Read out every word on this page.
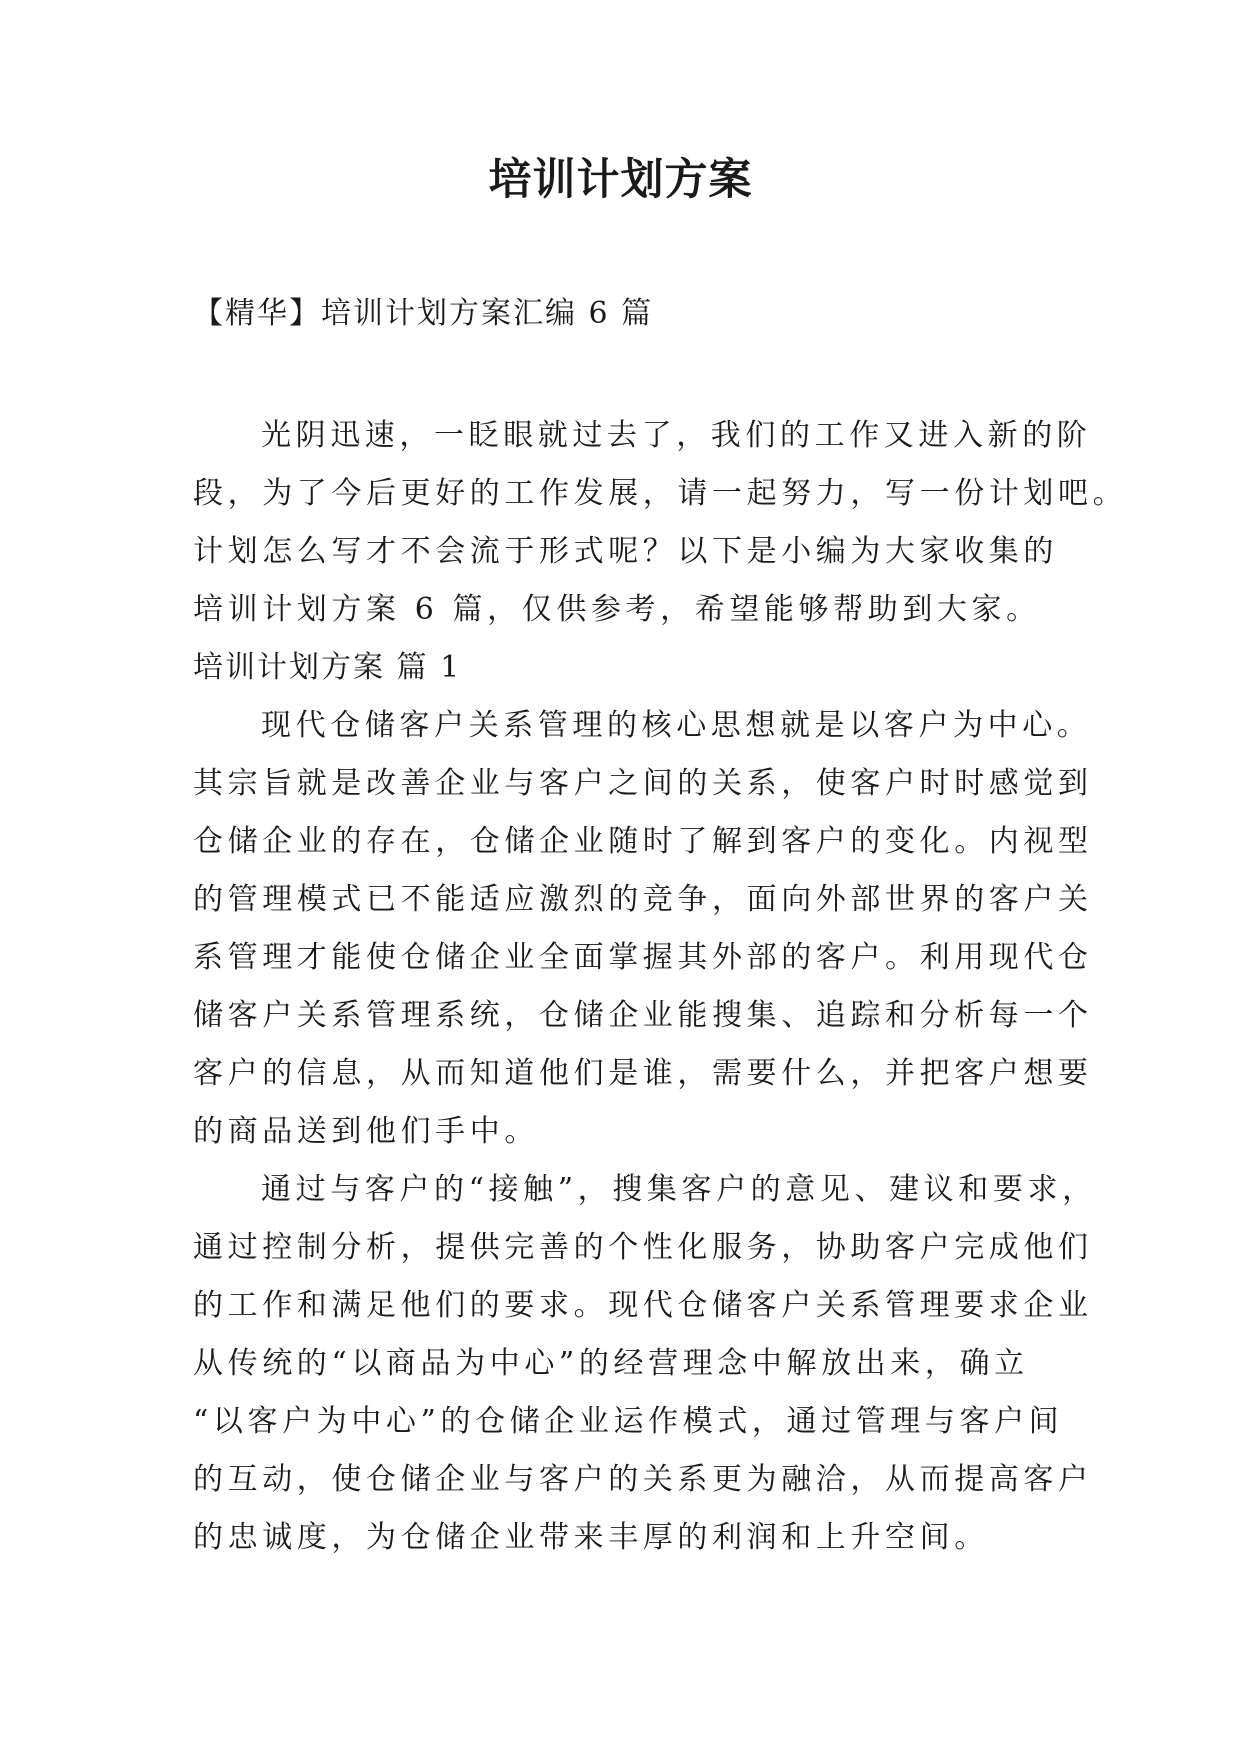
培训计划方案
【精华】培训计划方案汇编 6 篇
光阴迅速，一眨眼就过去了，我们的工作又进入新的阶
段，为了今后更好的工作发展，请一起努力，写一份计划吧。
计划怎么写才不会流于形式呢？以下是小编为大家收集的
培训计划方案 6 篇，仅供参考，希望能够帮助到大家。
培训计划方案 篇 1
现代仓储客户关系管理的核心思想就是以客户为中心。
其宗旨就是改善企业与客户之间的关系，使客户时时感觉到
仓储企业的存在，仓储企业随时了解到客户的变化。内视型
的管理模式已不能适应激烈的竞争，面向外部世界的客户关
系管理才能使仓储企业全面掌握其外部的客户。利用现代仓
储客户关系管理系统，仓储企业能搜集、追踪和分析每一个
客户的信息，从而知道他们是谁，需要什么，并把客户想要
的商品送到他们手中。
通过与客户的“接触”，搜集客户的意见、建议和要求，
通过控制分析，提供完善的个性化服务，协助客户完成他们
的工作和满足他们的要求。现代仓储客户关系管理要求企业
从传统的“以商品为中心”的经营理念中解放出来，确立
“以客户为中心”的仓储企业运作模式，通过管理与客户间
的互动，使仓储企业与客户的关系更为融洽，从而提高客户
的忠诚度，为仓储企业带来丰厚的利润和上升空间。
